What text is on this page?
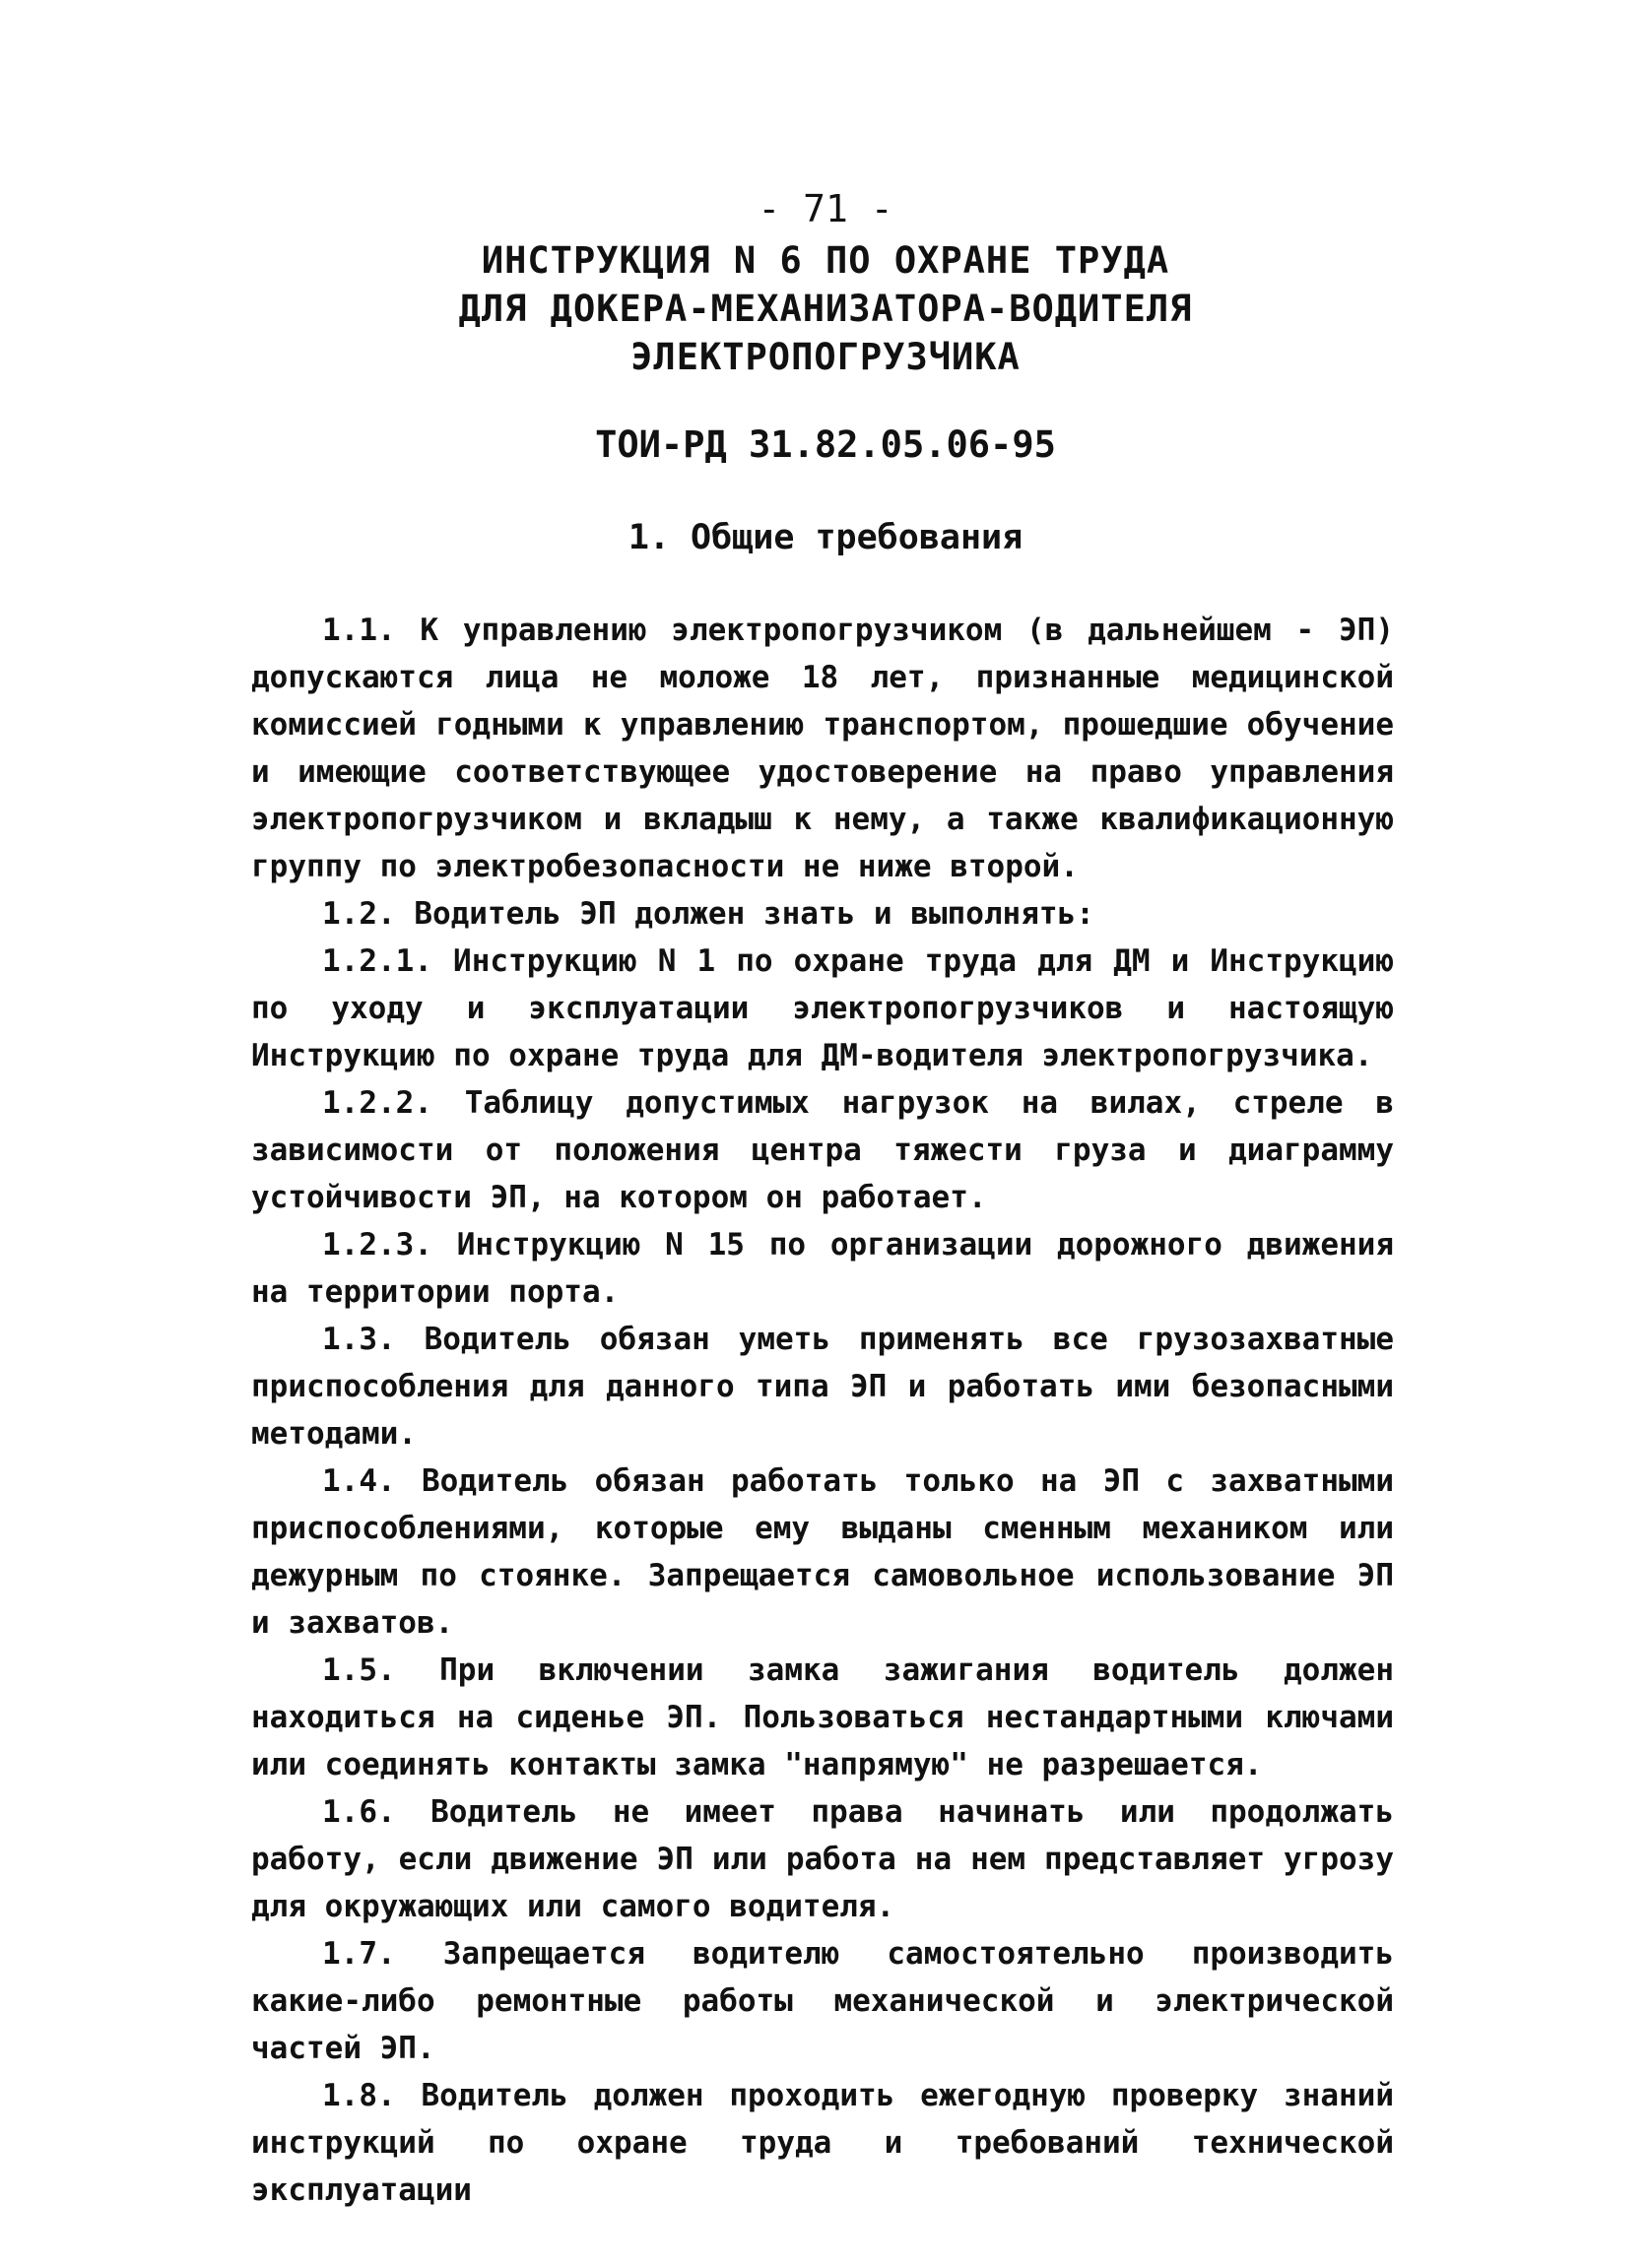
- 71 -
ИНСТРУКЦИЯ N 6 ПО ОХРАНЕ ТРУДА
ДЛЯ ДОКЕРА-МЕХАНИЗАТОРА-ВОДИТЕЛЯ
ЭЛЕКТРОПОГРУЗЧИКА
ТОИ-РД 31.82.05.06-95
1. Общие требования

1.1. К управлению электропогрузчиком (в дальнейшем - ЭП) допускаются лица не моложе 18 лет, признанные медицинской комиссией годными к управлению транспортом, прошедшие обучение и имеющие соответствующее удостоверение на право управления электропогрузчиком и вкладыш к нему, а также квалификационную группу по электробезопасности не ниже второй.

1.2. Водитель ЭП должен знать и выполнять:

1.2.1. Инструкцию N 1 по охране труда для ДМ и Инструкцию по уходу и эксплуатации электропогрузчиков и настоящую Инструкцию по охране труда для ДМ-водителя электропогрузчика.

1.2.2. Таблицу допустимых нагрузок на вилах, стреле в зависимости от положения центра тяжести груза и диаграмму устойчивости ЭП, на котором он работает.

1.2.3. Инструкцию N 15 по организации дорожного движения на территории порта.

1.3. Водитель обязан уметь применять все грузозахватные приспособления для данного типа ЭП и работать ими безопасными методами.

1.4. Водитель обязан работать только на ЭП с захватными приспособлениями, которые ему выданы сменным механиком или дежурным по стоянке. Запрещается самовольное использование ЭП и захватов.

1.5. При включении замка зажигания водитель должен находиться на сиденье ЭП. Пользоваться нестандартными ключами или соединять контакты замка "напрямую" не разрешается.

1.6. Водитель не имеет права начинать или продолжать работу, если движение ЭП или работа на нем представляет угрозу для окружающих или самого водителя.

1.7. Запрещается водителю самостоятельно производить какие-либо ремонтные работы механической и электрической частей ЭП.

1.8. Водитель должен проходить ежегодную проверку знаний инструкций по охране труда и требований технической эксплуатации
